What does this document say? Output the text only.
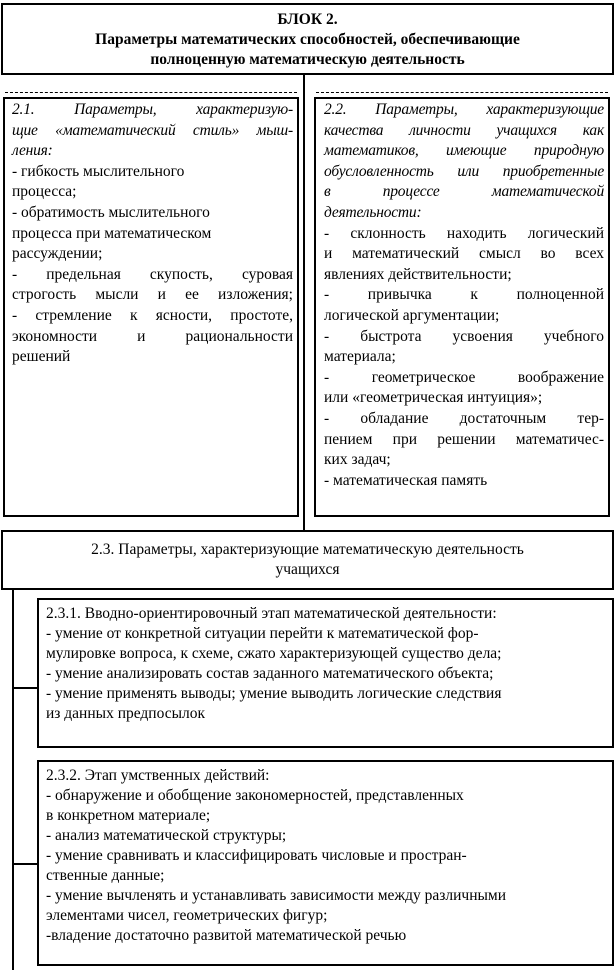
БЛОК 2.
Параметры математических способностей, обеспечивающие
полноценную математическую деятельность
2.1. Параметры, характеризую-
щие «математический стиль» мыш-
ления:
- гибкость мыслительного
процесса;
- обратимость мыслительного
процесса при математическом
рассуждении;
- предельная скупость, суровая
строгость мысли и ее изложения;
- стремление к ясности, простоте,
экономности и рациональности
решений
2.2. Параметры, характеризующие
качества личности учащихся как
математиков, имеющие природную
обусловленность или приобретенные
в процессе математической
деятельности:
- склонность находить логический
и математический смысл во всех
явлениях действительности;
- привычка к полноценной
логической аргументации;
- быстрота усвоения учебного
материала;
- геометрическое воображение
или «геометрическая интуиция»;
- обладание достаточным тер-
пением при решении математичес-
ких задач;
- математическая память
2.3. Параметры, характеризующие математическую деятельность
учащихся
2.3.1. Вводно-ориентировочный этап математической деятельности:
- умение от конкретной ситуации перейти к математической фор-
мулировке вопроса, к схеме, сжато характеризующей существо дела;
- умение анализировать состав заданного математического объекта;
- умение применять выводы; умение выводить логические следствия
из данных предпосылок
2.3.2. Этап умственных действий:
- обнаружение и обобщение закономерностей, представленных
в конкретном материале;
- анализ математической структуры;
- умение сравнивать и классифицировать числовые и простран-
ственные данные;
- умение вычленять и устанавливать зависимости между различными
элементами чисел, геометрических фигур;
-владение достаточно развитой математической речью
